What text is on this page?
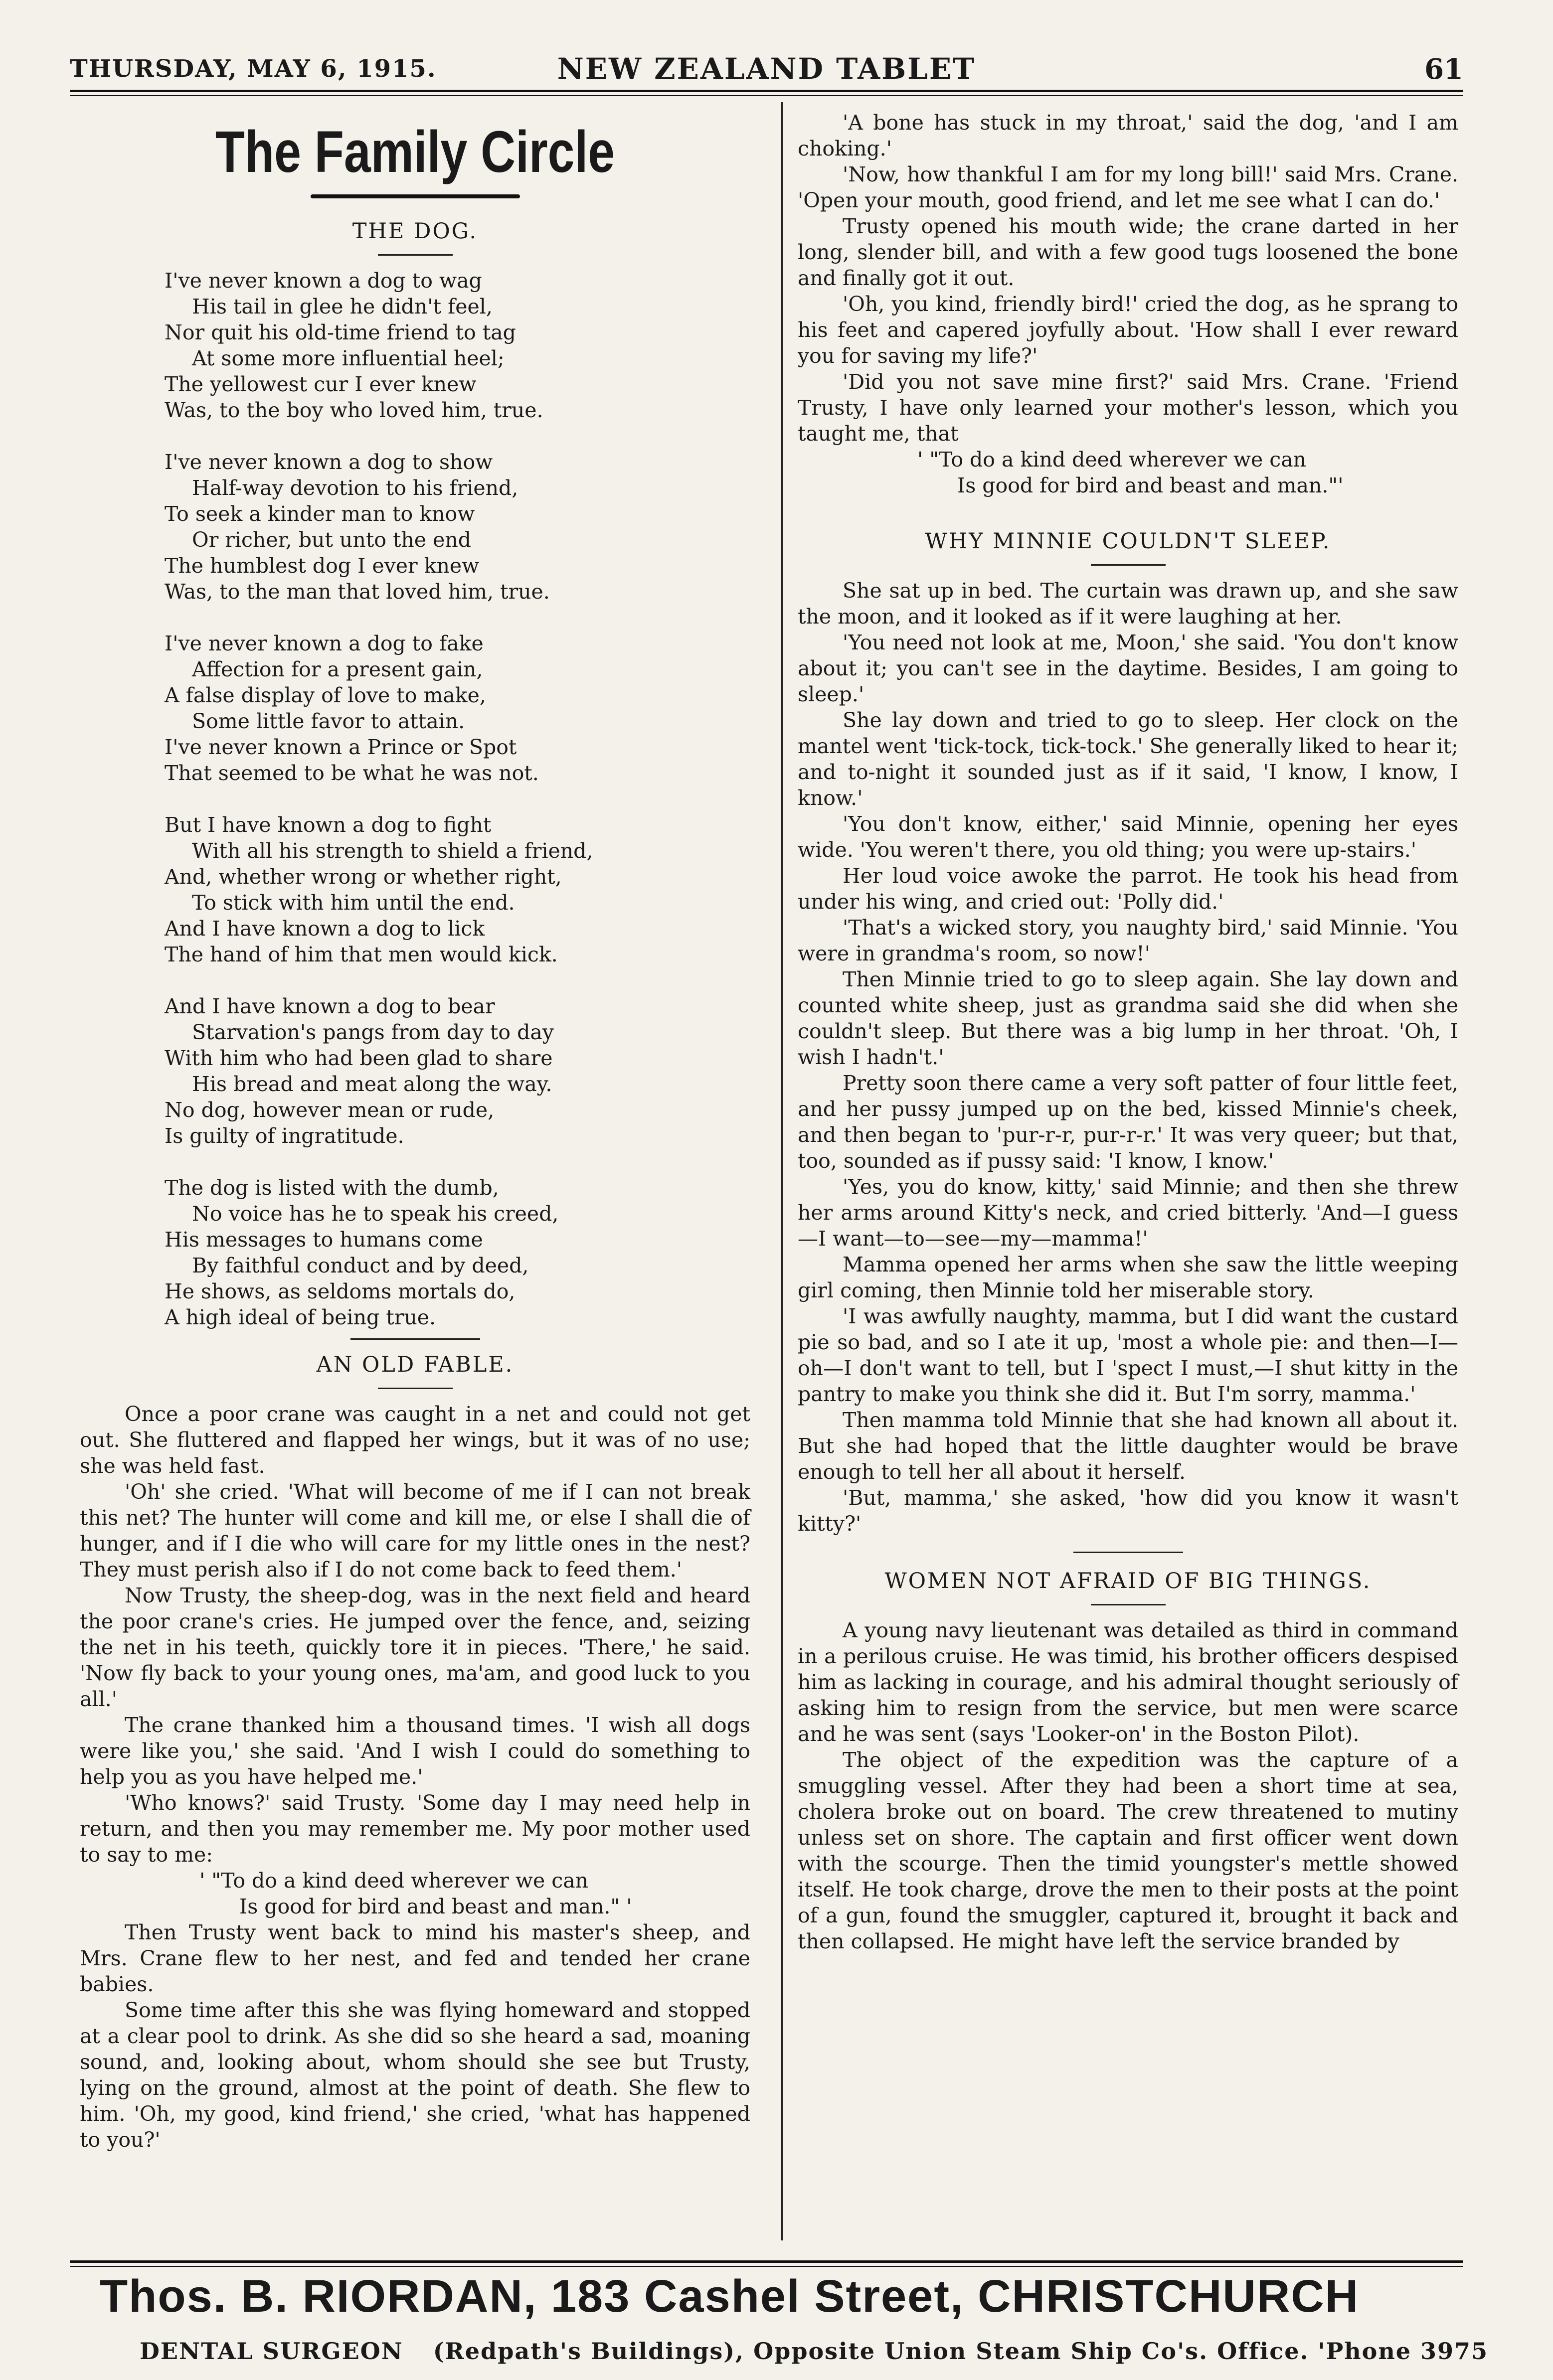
THURSDAY, MAY 6, 1915.	NEW ZEALAND TABLET	61
The Family Circle
THE DOG.
I've never known a dog to wag
His tail in glee he didn't feel,
Nor quit his old-time friend to tag
At some more influential heel;
The yellowest cur I ever knew
Was, to the boy who loved him, true.
I've never known a dog to show
Half-way devotion to his friend,
To seek a kinder man to know
Or richer, but unto the end
The humblest dog I ever knew
Was, to the man that loved him, true.
I've never known a dog to fake
Affection for a present gain,
A false display of love to make,
Some little favor to attain.
I've never known a Prince or Spot
That seemed to be what he was not.
But I have known a dog to fight
With all his strength to shield a friend,
And, whether wrong or whether right,
To stick with him until the end.
And I have known a dog to lick
The hand of him that men would kick.
And I have known a dog to bear
Starvation's pangs from day to day
With him who had been glad to share
His bread and meat along the way.
No dog, however mean or rude,
Is guilty of ingratitude.
The dog is listed with the dumb,
No voice has he to speak his creed,
His messages to humans come
By faithful conduct and by deed,
He shows, as seldoms mortals do,
A high ideal of being true.
AN OLD FABLE.

Once a poor crane was caught in a net and could not get out. She fluttered and flapped her wings, but it was of no use; she was held fast.

'Oh' she cried. 'What will become of me if I can not break this net? The hunter will come and kill me, or else I shall die of hunger, and if I die who will care for my little ones in the nest? They must perish also if I do not come back to feed them.'

Now Trusty, the sheep-dog, was in the next field and heard the poor crane's cries. He jumped over the fence, and, seizing the net in his teeth, quickly tore it in pieces. 'There,' he said. 'Now fly back to your young ones, ma'am, and good luck to you all.'

The crane thanked him a thousand times. 'I wish all dogs were like you,' she said. 'And I wish I could do something to help you as you have helped me.'

'Who knows?' said Trusty. 'Some day I may need help in return, and then you may remember me. My poor mother used to say to me:

' "To do a kind deed wherever we can
Is good for bird and beast and man." '

Then Trusty went back to mind his master's sheep, and Mrs. Crane flew to her nest, and fed and tended her crane babies.

Some time after this she was flying homeward and stopped at a clear pool to drink. As she did so she heard a sad, moaning sound, and, looking about, whom should she see but Trusty, lying on the ground, almost at the point of death. She flew to him. 'Oh, my good, kind friend,' she cried, 'what has happened to you?'

'A bone has stuck in my throat,' said the dog, 'and I am choking.'

'Now, how thankful I am for my long bill!' said Mrs. Crane. 'Open your mouth, good friend, and let me see what I can do.'

Trusty opened his mouth wide; the crane darted in her long, slender bill, and with a few good tugs loosened the bone and finally got it out.

'Oh, you kind, friendly bird!' cried the dog, as he sprang to his feet and capered joyfully about. 'How shall I ever reward you for saving my life?'

'Did you not save mine first?' said Mrs. Crane. 'Friend Trusty, I have only learned your mother's lesson, which you taught me, that

' "To do a kind deed wherever we can
Is good for bird and beast and man."'
WHY MINNIE COULDN'T SLEEP.

She sat up in bed. The curtain was drawn up, and she saw the moon, and it looked as if it were laughing at her.

'You need not look at me, Moon,' she said. 'You don't know about it; you can't see in the daytime. Besides, I am going to sleep.'

She lay down and tried to go to sleep. Her clock on the mantel went 'tick-tock, tick-tock.' She generally liked to hear it; and to-night it sounded just as if it said, 'I know, I know, I know.'

'You don't know, either,' said Minnie, opening her eyes wide. 'You weren't there, you old thing; you were up-stairs.'

Her loud voice awoke the parrot. He took his head from under his wing, and cried out: 'Polly did.'

'That's a wicked story, you naughty bird,' said Minnie. 'You were in grandma's room, so now!'

Then Minnie tried to go to sleep again. She lay down and counted white sheep, just as grandma said she did when she couldn't sleep. But there was a big lump in her throat. 'Oh, I wish I hadn't.'

Pretty soon there came a very soft patter of four little feet, and her pussy jumped up on the bed, kissed Minnie's cheek, and then began to 'pur-r-r, pur-r-r.' It was very queer; but that, too, sounded as if pussy said: 'I know, I know.'

'Yes, you do know, kitty,' said Minnie; and then she threw her arms around Kitty's neck, and cried bitterly. 'And—I guess—I want—to—see—my—mamma!'

Mamma opened her arms when she saw the little weeping girl coming, then Minnie told her miserable story.

'I was awfully naughty, mamma, but I did want the custard pie so bad, and so I ate it up, 'most a whole pie: and then—I—oh—I don't want to tell, but I 'spect I must,—I shut kitty in the pantry to make you think she did it. But I'm sorry, mamma.'

Then mamma told Minnie that she had known all about it. But she had hoped that the little daughter would be brave enough to tell her all about it herself.

'But, mamma,' she asked, 'how did you know it wasn't kitty?'

WOMEN NOT AFRAID OF BIG THINGS.

A young navy lieutenant was detailed as third in command in a perilous cruise. He was timid, his brother officers despised him as lacking in courage, and his admiral thought seriously of asking him to resign from the service, but men were scarce and he was sent (says 'Looker-on' in the Boston Pilot).

The object of the expedition was the capture of a smuggling vessel. After they had been a short time at sea, cholera broke out on board. The crew threatened to mutiny unless set on shore. The captain and first officer went down with the scourge. Then the timid youngster's mettle showed itself. He took charge, drove the men to their posts at the point of a gun, found the smuggler, captured it, brought it back and then collapsed. He might have left the service branded by

Thos. B. RIORDAN, 183 Cashel Street, CHRISTCHURCH
DENTAL SURGEON (Redpath's Buildings), Opposite Union Steam Ship Co's. Office. 'Phone 3975
